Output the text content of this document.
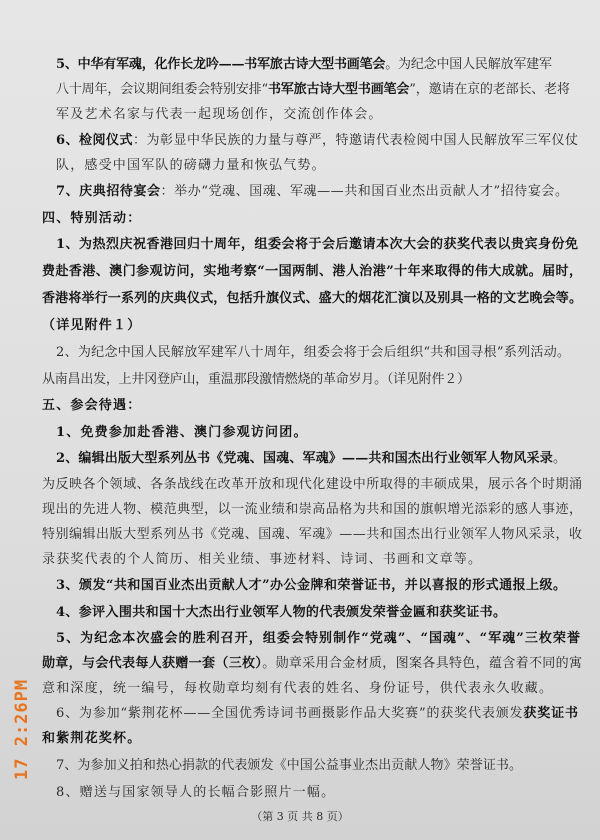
5、中华有军魂，化作长龙吟——书军旅古诗大型书画笔会。为纪念中国人民解放军建军
八十周年，会议期间组委会特别安排“书军旅古诗大型书画笔会”，邀请在京的老部长、老将
军及艺术名家与代表一起现场创作，交流创作体会。
6、检阅仪式：为彰显中华民族的力量与尊严，特邀请代表检阅中国人民解放军三军仪仗
队，感受中国军队的磅礴力量和恢弘气势。
7、庆典招待宴会：举办“党魂、国魂、军魂——共和国百业杰出贡献人才”招待宴会。
四、特别活动：
1、为热烈庆祝香港回归十周年，组委会将于会后邀请本次大会的获奖代表以贵宾身份免
费赴香港、澳门参观访问，实地考察“一国两制、港人治港”十年来取得的伟大成就。届时，
香港将举行一系列的庆典仪式，包括升旗仪式、盛大的烟花汇演以及别具一格的文艺晚会等。
（详见附件１）
2、为纪念中国人民解放军建军八十周年，组委会将于会后组织“共和国寻根”系列活动。
从南昌出发，上井冈登庐山，重温那段激情燃烧的革命岁月。（详见附件２）
五、参会待遇：
1、免费参加赴香港、澳门参观访问团。
2、编辑出版大型系列丛书《党魂、国魂、军魂》——共和国杰出行业领军人物风采录。
为反映各个领域、各条战线在改革开放和现代化建设中所取得的丰硕成果，展示各个时期涌
现出的先进人物、模范典型，以一流业绩和崇高品格为共和国的旗帜增光添彩的感人事迹，
特别编辑出版大型系列丛书《党魂、国魂、军魂》——共和国杰出行业领军人物风采录，收
录获奖代表的个人简历、相关业绩、事迹材料、诗词、书画和文章等。
3、颁发“共和国百业杰出贡献人才”办公金牌和荣誉证书，并以喜报的形式通报上级。
4、参评入围共和国十大杰出行业领军人物的代表颁发荣誉金匾和获奖证书。
5、为纪念本次盛会的胜利召开，组委会特别制作“党魂”、“国魂”、“军魂”三枚荣誉
勋章，与会代表每人获赠一套（三枚）。勋章采用合金材质，图案各具特色，蕴含着不同的寓
意和深度，统一编号，每枚勋章均刻有代表的姓名、身份证号，供代表永久收藏。
6、为参加“紫荆花杯——全国优秀诗词书画摄影作品大奖赛”的获奖代表颁发获奖证书
和紫荆花奖杯。
7、为参加义拍和热心捐款的代表颁发《中国公益事业杰出贡献人物》荣誉证书。
8、赠送与国家领导人的长幅合影照片一幅。
（第 3 页 共 8 页）
17 2:26PM
